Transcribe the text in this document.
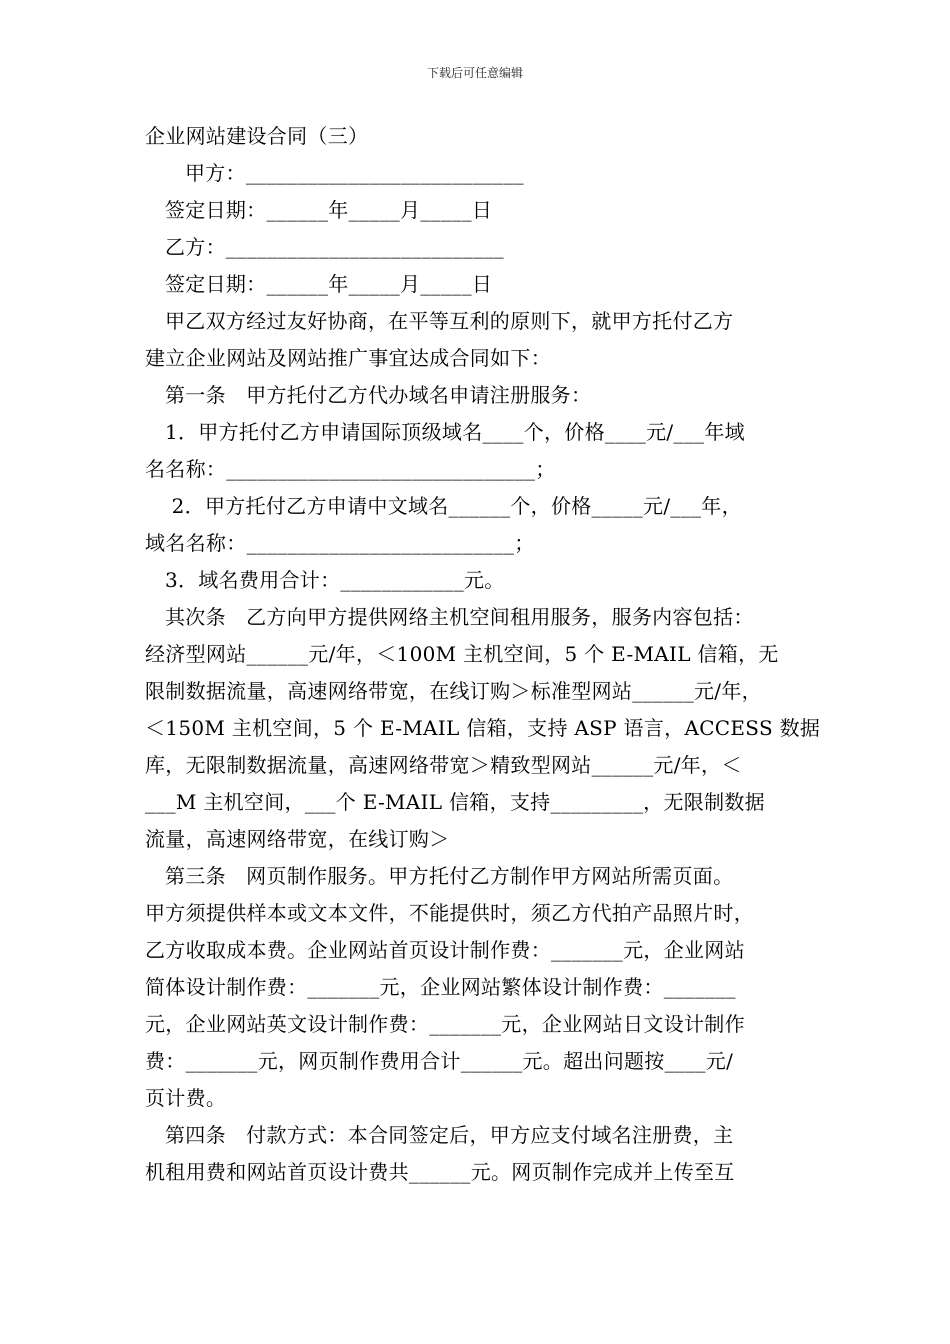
下载后可任意编辑
企业网站建设合同（三）
甲方：___________________________
签定日期：______年_____月_____日
乙方：___________________________
签定日期：______年_____月_____日
甲乙双方经过友好协商，在平等互利的原则下，就甲方托付乙方
建立企业网站及网站推广事宜达成合同如下：
第一条　甲方托付乙方代办域名申请注册服务：
1．甲方托付乙方申请国际顶级域名____个，价格____元/___年域
名名称：______________________________；
2．甲方托付乙方申请中文域名______个，价格_____元/___年，
域名名称：__________________________；
3．域名费用合计：____________元。
其次条　乙方向甲方提供网络主机空间租用服务，服务内容包括：
经济型网站______元/年，＜100M 主机空间，5 个 E-MAIL 信箱，无
限制数据流量，高速网络带宽，在线订购＞标准型网站______元/年，
＜150M 主机空间，5 个 E-MAIL 信箱，支持 ASP 语言，ACCESS 数据
库，无限制数据流量，高速网络带宽＞精致型网站______元/年，＜
___M 主机空间，___个 E-MAIL 信箱，支持_________，无限制数据
流量，高速网络带宽，在线订购＞
第三条　网页制作服务。甲方托付乙方制作甲方网站所需页面。
甲方须提供样本或文本文件，不能提供时，须乙方代拍产品照片时，
乙方收取成本费。企业网站首页设计制作费：_______元，企业网站
简体设计制作费：_______元，企业网站繁体设计制作费：_______
元，企业网站英文设计制作费：_______元，企业网站日文设计制作
费：_______元，网页制作费用合计______元。超出问题按____元/
页计费。
第四条　付款方式：本合同签定后，甲方应支付域名注册费，主
机租用费和网站首页设计费共______元。网页制作完成并上传至互
